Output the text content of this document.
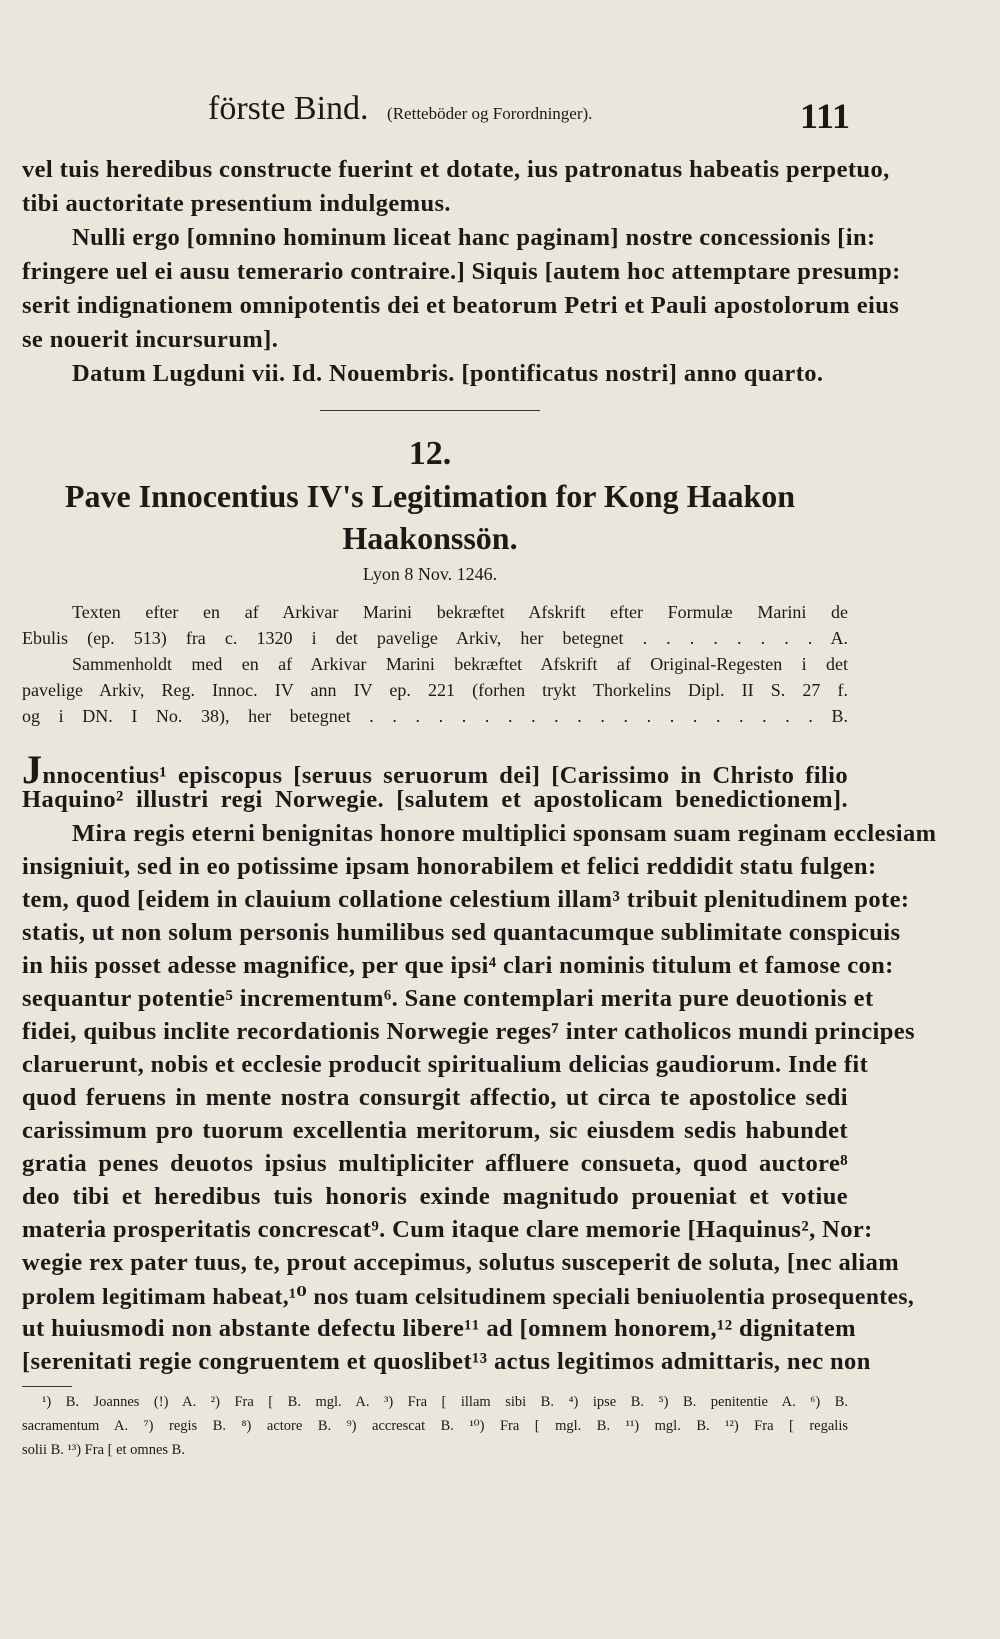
förste Bind. (Retteböder og Forordninger).	111
vel tuis heredibus constructe fuerint et dotate, ius patronatus habeatis perpetuo,
tibi auctoritate presentium indulgemus.
Nulli ergo [omnino hominum liceat hanc paginam] nostre concessionis [in:
fringere uel ei ausu temerario contraire.] Siquis [autem hoc attemptare presump:
serit indignationem omnipotentis dei et beatorum Petri et Pauli apostolorum eius
se nouerit incursurum].
Datum Lugduni vii. Id. Nouembris. [pontificatus nostri] anno quarto.
12.
Pave Innocentius IV's Legitimation for Kong Haakon
Haakonssön.
Lyon 8 Nov. 1246.
Texten efter en af Arkivar Marini bekræftet Afskrift efter Formulæ Marini de
Ebulis (ep. 513) fra c. 1320 i det pavelige Arkiv, her betegnet . . . . . . . . A.
Sammenholdt med en af Arkivar Marini bekræftet Afskrift af Original-Regesten i det
pavelige Arkiv, Reg. Innoc. IV ann IV ep. 221 (forhen trykt Thorkelins Dipl. II S. 27 f.
og i DN. I No. 38), her betegnet . . . . . . . . . . . . . . . . . . . . B.
Jnnocentius¹ episcopus [seruus seruorum dei] [Carissimo in Christo filio
Haquino² illustri regi Norwegie. [salutem et apostolicam benedictionem].
Mira regis eterni benignitas honore multiplici sponsam suam reginam ecclesiam
insigniuit, sed in eo potissime ipsam honorabilem et felici reddidit statu fulgen:
tem, quod [eidem in clauium collatione celestium illam³ tribuit plenitudinem pote:
statis, ut non solum personis humilibus sed quantacumque sublimitate conspicuis
in hiis posset adesse magnifice, per que ipsi⁴ clari nominis titulum et famose con:
sequantur potentie⁵ incrementum⁶. Sane contemplari merita pure deuotionis et
fidei, quibus inclite recordationis Norwegie reges⁷ inter catholicos mundi principes
claruerunt, nobis et ecclesie producit spiritualium delicias gaudiorum. Inde fit
quod feruens in mente nostra consurgit affectio, ut circa te apostolice sedi
carissimum pro tuorum excellentia meritorum, sic eiusdem sedis habundet
gratia penes deuotos ipsius multipliciter affluere consueta, quod auctore⁸
deo tibi et heredibus tuis honoris exinde magnitudo proueniat et votiue
materia prosperitatis concrescat⁹. Cum itaque clare memorie [Haquinus², Nor:
wegie rex pater tuus, te, prout accepimus, solutus susceperit de soluta, [nec aliam
prolem legitimam habeat,¹⁰ nos tuam celsitudinem speciali beniuolentia prosequentes,
ut huiusmodi non abstante defectu libere¹¹ ad [omnem honorem,¹² dignitatem
[serenitati regie congruentem et quoslibet¹³ actus legitimos admittaris, nec non
¹) B. Joannes (!) A. ²) Fra [ B. mgl. A. ³) Fra [ illam sibi B. ⁴) ipse B. ⁵) B. penitentie A. ⁶) B.
sacramentum A. ⁷) regis B. ⁸) actore B. ⁹) accrescat B. ¹⁰) Fra [ mgl. B. ¹¹) mgl. B. ¹²) Fra [ regalis
solii B. ¹³) Fra [ et omnes B.
